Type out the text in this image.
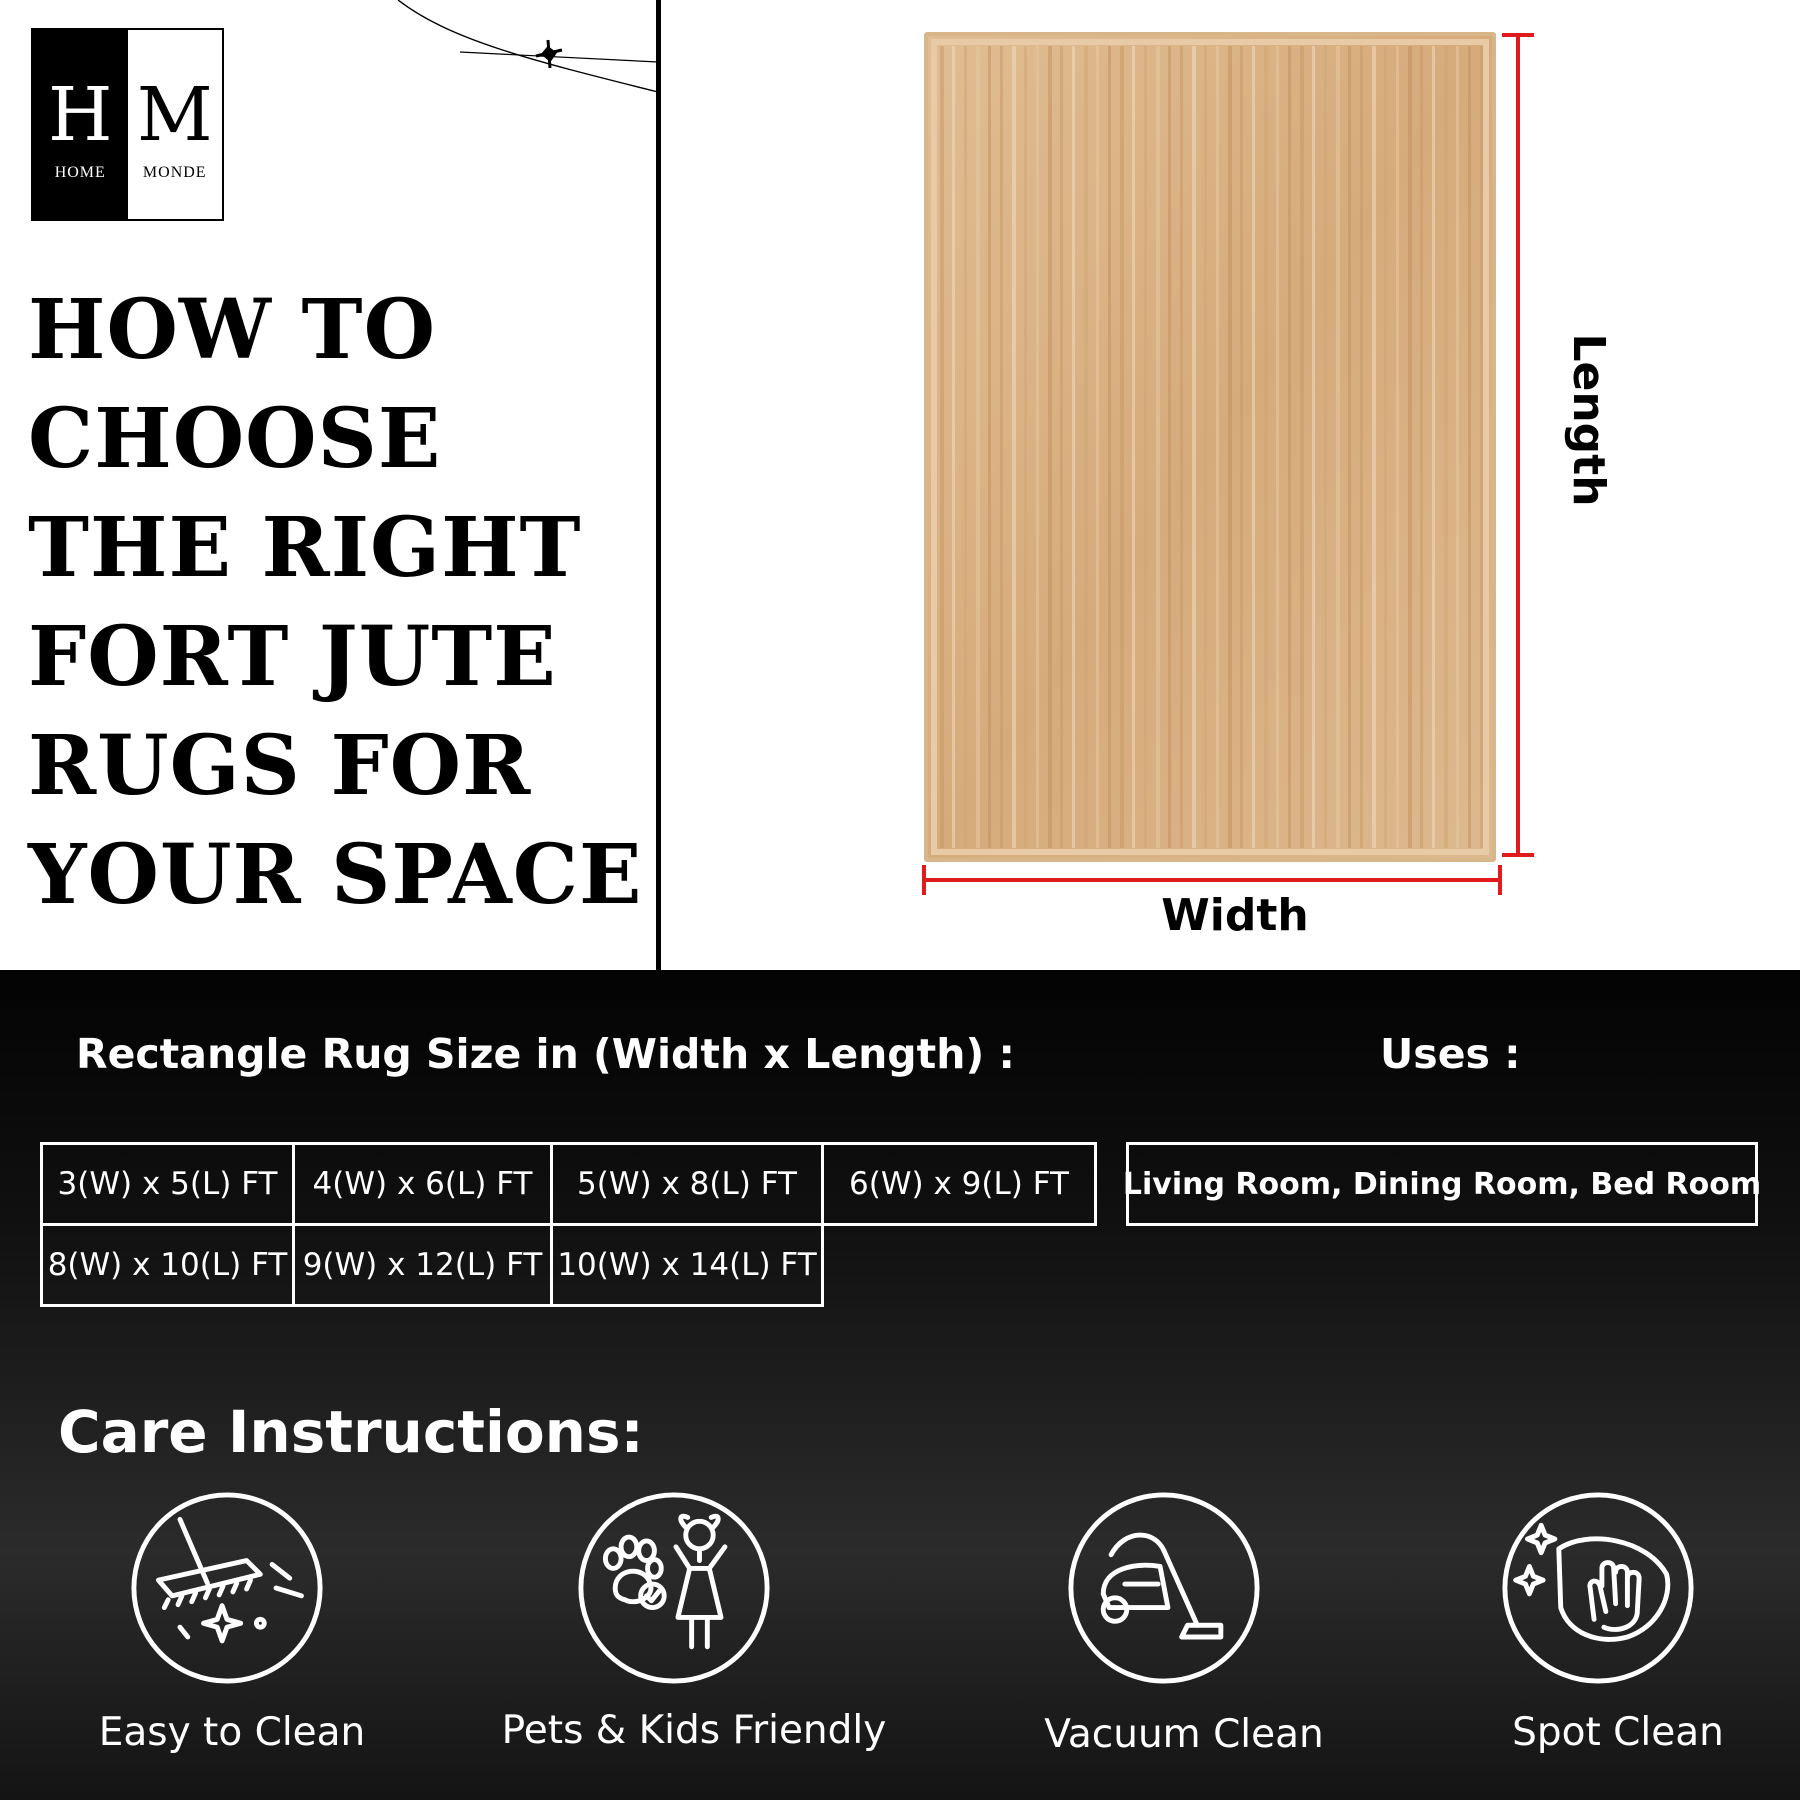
H
HOME
M
MONDE
HOW TO
CHOOSE
THE RIGHT
FORT JUTE
RUGS FOR
YOUR SPACE	Width
Length
Rectangle Rug Size in (Width x Length) :	Uses :
3(W) x 5(L) FT	4(W) x 6(L) FT	5(W) x 8(L) FT	6(W) x 9(L) FT
8(W) x 10(L) FT 9(W) x 12(L) FT 10(W) x 14(L) FT
Living Room, Dining Room, Bed Room
Care Instructions:
Easy to Clean	Pets & Kids Friendly	Vacuum Clean	Spot Clean
